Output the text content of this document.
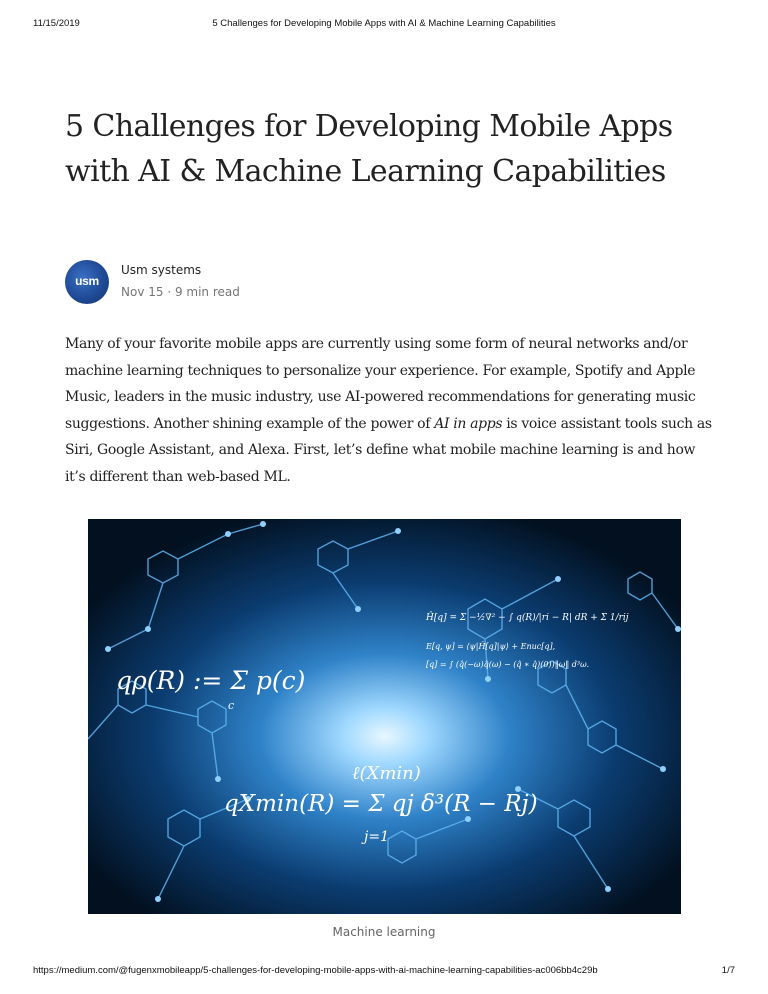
11/15/2019	5 Challenges for Developing Mobile Apps with AI & Machine Learning Capabilities
5 Challenges for Developing Mobile Apps with AI & Machine Learning Capabilities
usm
Usm systems
Nov 15 · 9 min read

Many of your favorite mobile apps are currently using some form of neural networks and/or machine learning techniques to personalize your experience. For example, Spotify and Apple Music, leaders in the music industry, use AI-powered recommendations for generating music suggestions. Another shining example of the power of AI in apps is voice assistant tools such as Siri, Google Assistant, and Alexa. First, let’s define what mobile machine learning is and how it’s different than web-based ML.

Ĥ[q] = Σ −½∇² − ∫ q(R)/|ri − R| dR + Σ 1/rij
E[q, ψ] = ⟨ψ|Ĥ[q]|ψ⟩ + Enuc[q],
[q] = ∫ (q̂(−ω)q̂(ω) − (q̂ ∗ q̂)(0))‖ω‖ d³ω.
qρ(R) := Σ p(c)
c
ℓ(Xmin)
qXmin(R) = Σ qj δ³(R − Rj)
j=1
Machine learning
https://medium.com/@fugenxmobileapp/5-challenges-for-developing-mobile-apps-with-ai-machine-learning-capabilities-ac006bb4c29b	1/7
